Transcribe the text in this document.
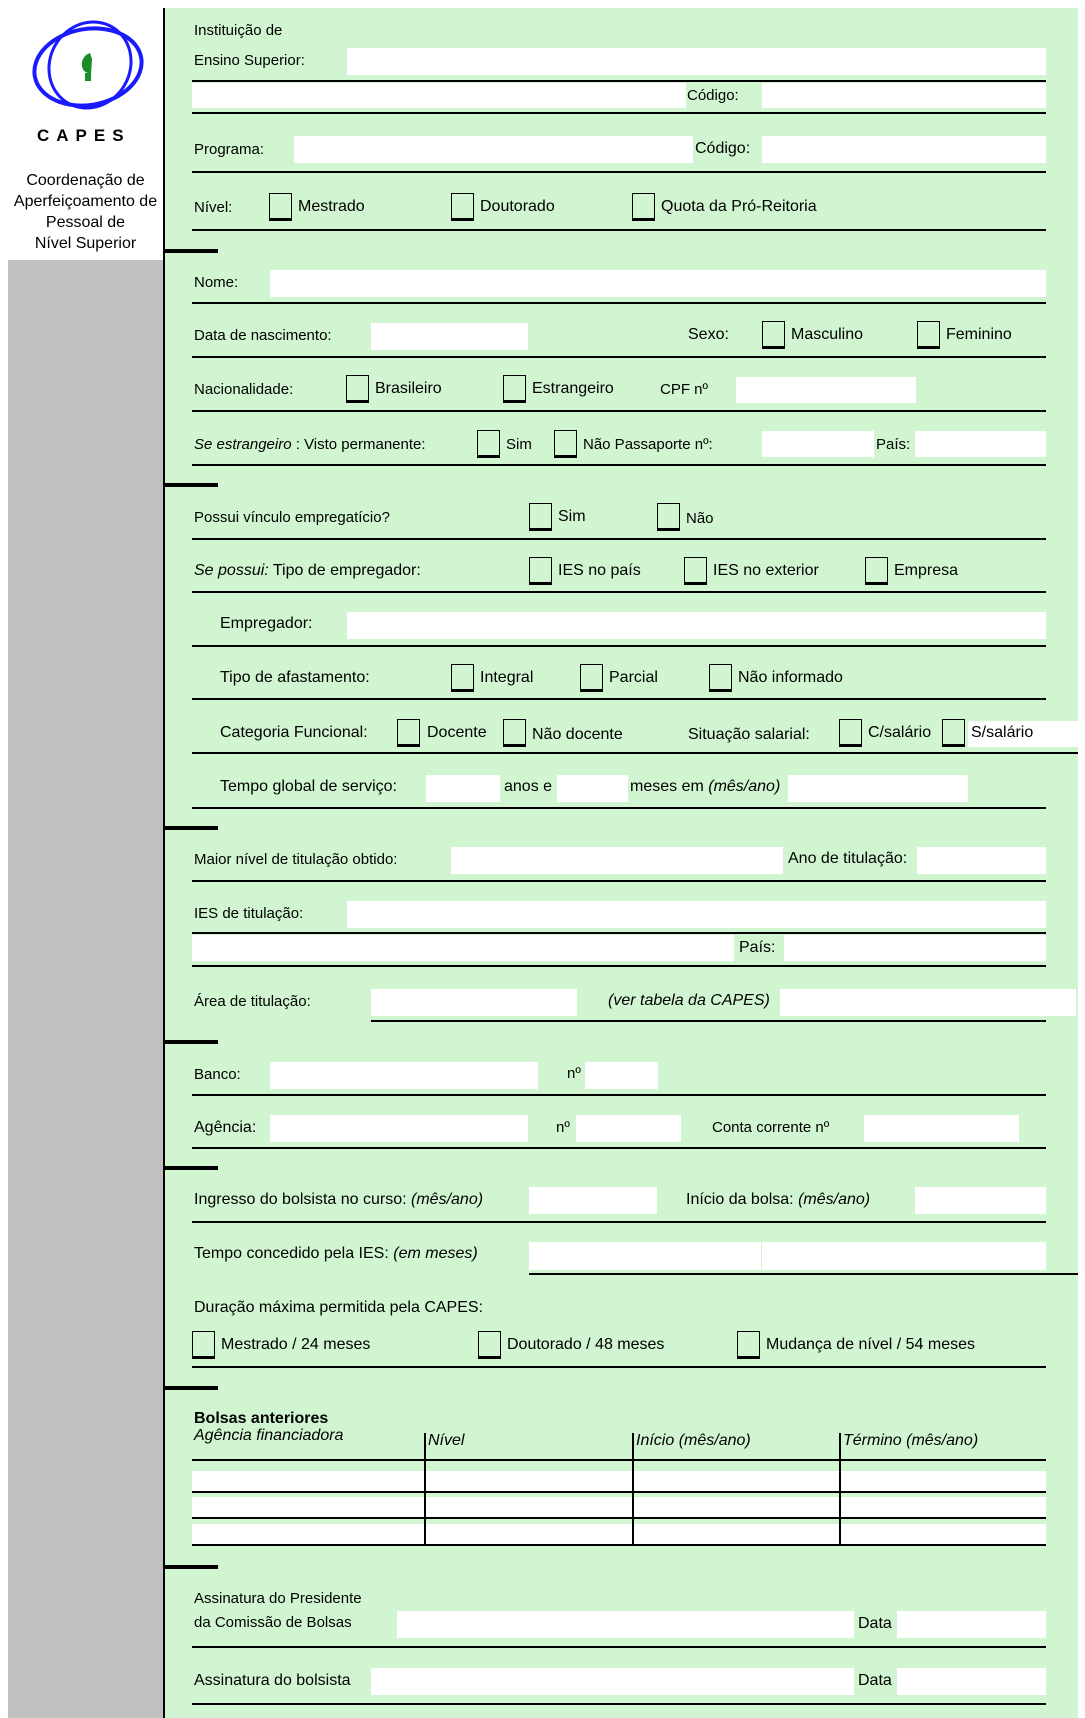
CAPES
Coordenação de
Aperfeiçoamento de
Pessoal de
Nível Superior
Instituição de
Ensino Superior:
Código:
Programa:	Código:
Nível:	Mestrado	Doutorado	Quota da Pró-Reitoria
Nome:
Data de nascimento:	Sexo:	Masculino	Feminino
Nacionalidade:	Brasileiro	Estrangeiro	CPF nº
Se estrangeiro : Visto permanente:	Sim	Não Passaporte nº:	País:
Possui vínculo empregatício?	Sim	Não
Se possui: Tipo de empregador:	IES no país	IES no exterior	Empresa
Empregador:
Tipo de afastamento:	Integral	Parcial	Não informado
Categoria Funcional:	Docente	Não docente	Situação salarial:	C/salário S/salário
Tempo global de serviço:	anos e	meses em (mês/ano)
Maior nível de titulação obtido:	Ano de titulação:
IES de titulação:
País:
Área de titulação:	(ver tabela da CAPES)
Banco:	nº
Agência:	nº	Conta corrente nº
Ingresso do bolsista no curso: (mês/ano)	Início da bolsa: (mês/ano)
Tempo concedido pela IES: (em meses)
Duração máxima permitida pela CAPES:
Mestrado / 24 meses	Doutorado / 48 meses	Mudança de nível / 54 meses
Bolsas anteriores
Agência financiadora	Nível	Início (mês/ano)	Término (mês/ano)
Assinatura do Presidente
da Comissão de Bolsas	Data
Assinatura do bolsista	Data
